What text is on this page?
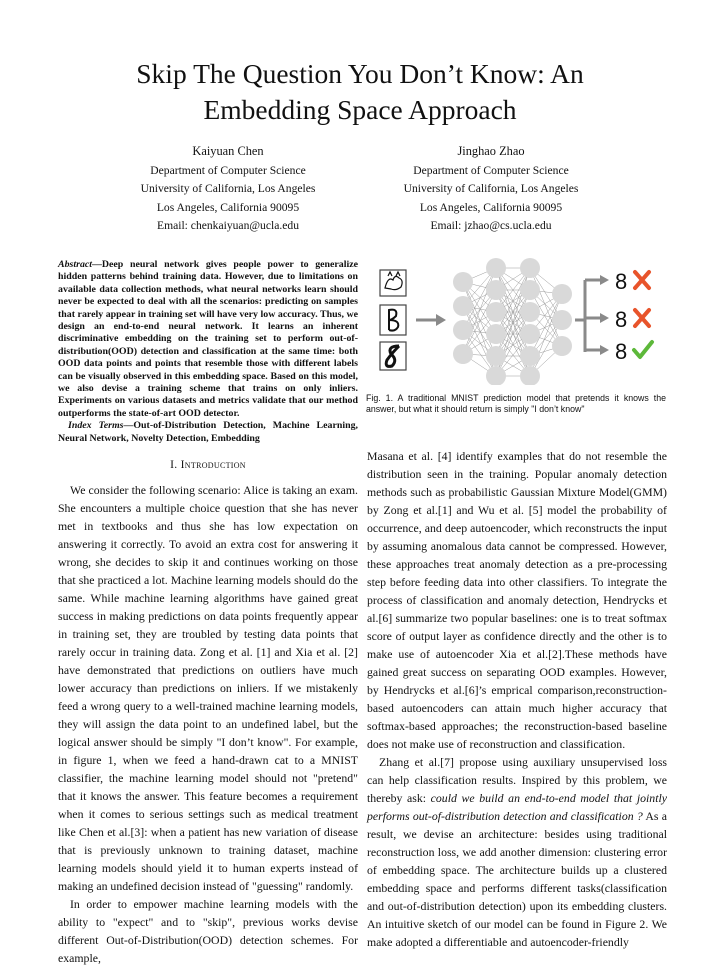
Skip The Question You Don’t Know: An
Embedding Space Approach
Kaiyuan Chen
Department of Computer Science
University of California, Los Angeles
Los Angeles, California 90095
Email: chenkaiyuan@ucla.edu
Jinghao Zhao
Department of Computer Science
University of California, Los Angeles
Los Angeles, California 90095
Email: jzhao@cs.ucla.edu
Abstract—Deep neural network gives people power to generalize hidden patterns behind training data. However, due to limitations on available data collection methods, what neural networks learn should never be expected to deal with all the scenarios: predicting on samples that rarely appear in training set will have very low accuracy. Thus, we design an end-to-end neural network. It learns an inherent discriminative embedding on the training set to perform out-of-distribution(OOD) detection and classification at the same time: both OOD data points and points that resemble those with different labels can be visually observed in this embedding space. Based on this model, we also devise a training scheme that trains on only inliers. Experiments on various datasets and metrics validate that our method outperforms the state-of-art OOD detector.
Index Terms—Out-of-Distribution Detection, Machine Learning, Neural Network, Novelty Detection, Embedding
I. Introduction

We consider the following scenario: Alice is taking an exam. She encounters a multiple choice question that she has never met in textbooks and thus she has low expectation on answering it correctly. To avoid an extra cost for answering it wrong, she decides to skip it and continues working on those that she practiced a lot. Machine learning models should do the same. While machine learning algorithms have gained great success in making predictions on data points frequently appear in training set, they are troubled by testing data points that rarely occur in training data. Zong et al. [1] and Xia et al. [2] have demonstrated that predictions on outliers have much lower accuracy than predictions on inliers. If we mistakenly feed a wrong query to a well-trained machine learning models, they will assign the data point to an undefined label, but the logical answer should be simply "I don’t know". For example, in figure 1, when we feed a hand-drawn cat to a MNIST classifier, the machine learning model should not "pretend" that it knows the answer. This feature becomes a requirement when it comes to serious settings such as medical treatment like Chen et al.[3]: when a patient has new variation of disease that is previously unknown to training dataset, machine learning models should yield it to human experts instead of making an undefined decision instead of "guessing" randomly.

In order to empower machine learning models with the ability to "expect" and to "skip", previous works devise different Out-of-Distribution(OOD) detection schemes. For example,

8
8
8
Fig. 1. A traditional MNIST prediction model that pretends it knows the answer, but what it should return is simply "I don’t know"

Masana et al. [4] identify examples that do not resemble the distribution seen in the training. Popular anomaly detection methods such as probabilistic Gaussian Mixture Model(GMM) by Zong et al.[1] and Wu et al. [5] model the probability of occurrence, and deep autoencoder, which reconstructs the input by assuming anomalous data cannot be compressed. However, these approaches treat anomaly detection as a pre-processing step before feeding data into other classifiers. To integrate the process of classification and anomaly detection, Hendrycks et al.[6] summarize two popular baselines: one is to treat softmax score of output layer as confidence directly and the other is to make use of autoencoder Xia et al.[2].These methods have gained great success on separating OOD examples. However, by Hendrycks et al.[6]’s emprical comparison,reconstruction-based autoencoders can attain much higher accuracy that softmax-based approaches; the reconstruction-based baseline does not make use of reconstruction and classification.

Zhang et al.[7] propose using auxiliary unsupervised loss can help classification results. Inspired by this problem, we thereby ask: could we build an end-to-end model that jointly performs out-of-distribution detection and classification ? As a result, we devise an architecture: besides using traditional reconstruction loss, we add another dimension: clustering error of embedding space. The architecture builds up a clustered embedding space and performs different tasks(classification and out-of-distribution detection) upon its embedding clusters. An intuitive sketch of our model can be found in Figure 2. We make adopted a differentiable and autoencoder-friendly
